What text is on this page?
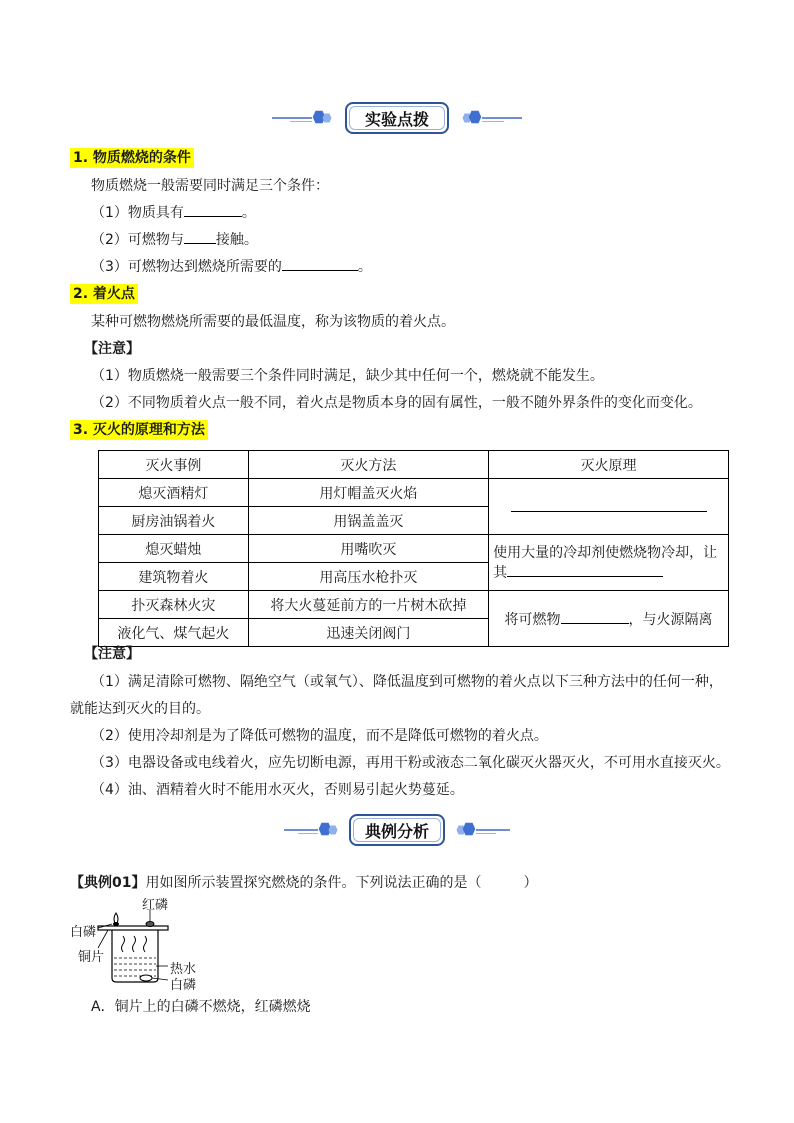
实验点拨
1. 物质燃烧的条件
物质燃烧一般需要同时满足三个条件：
（1）物质具有	。
（2）可燃物与 接触。
（3）可燃物达到燃烧所需要的	。
2. 着火点
某种可燃物燃烧所需要的最低温度，称为该物质的着火点。
【注意】
（1）物质燃烧一般需要三个条件同时满足，缺少其中任何一个，燃烧就不能发生。
（2）不同物质着火点一般不同，着火点是物质本身的固有属性，一般不随外界条件的变化而变化。
3. 灭火的原理和方法
灭火事例	灭火方法	灭火原理
熄灭酒精灯	用灯帽盖灭火焰	
厨房油锅着火	用锅盖盖灭	
熄灭蜡烛	用嘴吹灭	使用大量的冷却剂使燃烧物冷却，让
其

建筑物着火	用高压水枪扑灭	
扑灭森林火灾	将大火蔓延前方的一片树木砍掉	将可燃物 ，与火源隔离
液化气、煤气起火	迅速关闭阀门	
【注意】
（1）满足清除可燃物、隔绝空气（或氧气）、降低温度到可燃物的着火点以下三种方法中的任何一种，
就能达到灭火的目的。
（2）使用冷却剂是为了降低可燃物的温度，而不是降低可燃物的着火点。
（3）电器设备或电线着火，应先切断电源，再用干粉或液态二氧化碳灭火器灭火，不可用水直接灭火。
（4）油、酒精着火时不能用水灭火，否则易引起火势蔓延。
典例分析
【典例01】用如图所示装置探究燃烧的条件。下列说法正确的是（　　　）
红磷
白磷
铜片
热水
白磷
A．铜片上的白磷不燃烧，红磷燃烧
